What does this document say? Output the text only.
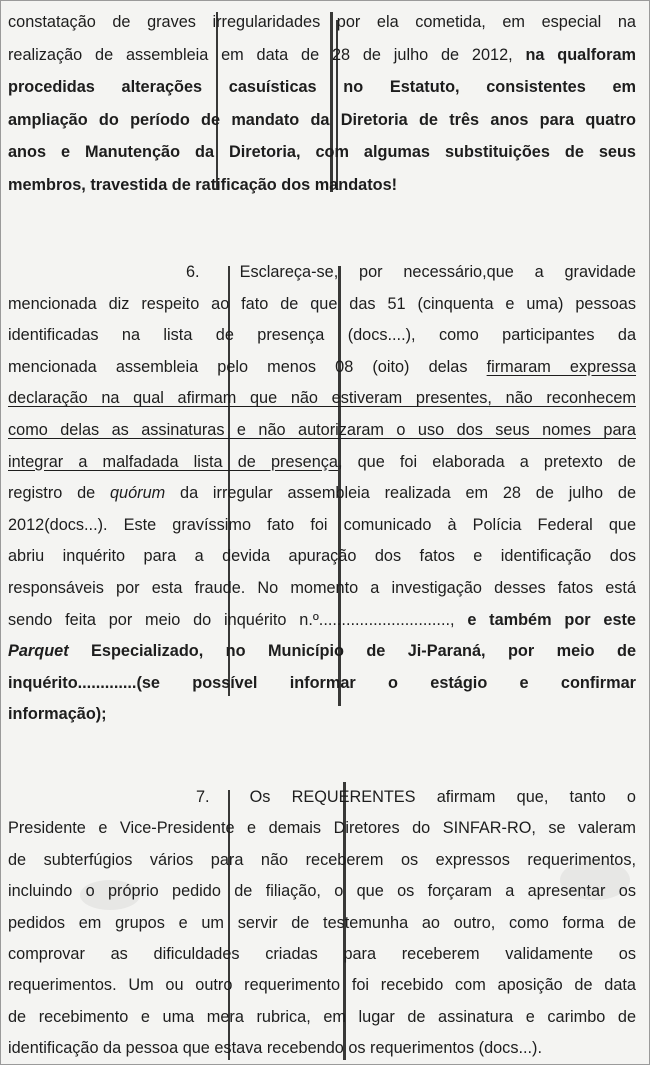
constatação de graves irregularidades por ela cometida, em especial na
realização de assembleia em data de 28 de julho de 2012, na qualforam
procedidas alterações casuísticas no Estatuto, consistentes em
ampliação do período de mandato da Diretoria de três anos para quatro
anos e Manutenção da Diretoria, com algumas substituições de seus
membros, travestida de ratificação dos mandatos!
6. Esclareça-se, por necessário,que a gravidade
mencionada diz respeito ao fato de que das 51 (cinquenta e uma) pessoas
identificadas na lista de presença (docs....), como participantes da
mencionada assembleia pelo menos 08 (oito) delas firmaram expressa
declaração na qual afirmam que não estiveram presentes, não reconhecem
como delas as assinaturas e não autorizaram o uso dos seus nomes para
integrar a malfadada lista de presença, que foi elaborada a pretexto de
registro de quórum da irregular assembleia realizada em 28 de julho de
2012(docs...). Este gravíssimo fato foi comunicado à Polícia Federal que
abriu inquérito para a devida apuração dos fatos e identificação dos
responsáveis por esta fraude. No momento a investigação desses fatos está
sendo feita por meio do inquérito n.º............................., e também por este
Parquet Especializado, no Município de Ji-Paraná, por meio de
inquérito.............(se possível informar o estágio e confirmar
informação);
7. Os REQUERENTES afirmam que, tanto o
Presidente e Vice-Presidente e demais Diretores do SINFAR-RO, se valeram
de subterfúgios vários para não receberem os expressos requerimentos,
incluindo o próprio pedido de filiação, o que os forçaram a apresentar os
pedidos em grupos e um servir de testemunha ao outro, como forma de
comprovar as dificuldades criadas para receberem validamente os
requerimentos. Um ou outro requerimento foi recebido com aposição de data
de recebimento e uma mera rubrica, em lugar de assinatura e carimbo de
identificação da pessoa que estava recebendo os requerimentos (docs...).
